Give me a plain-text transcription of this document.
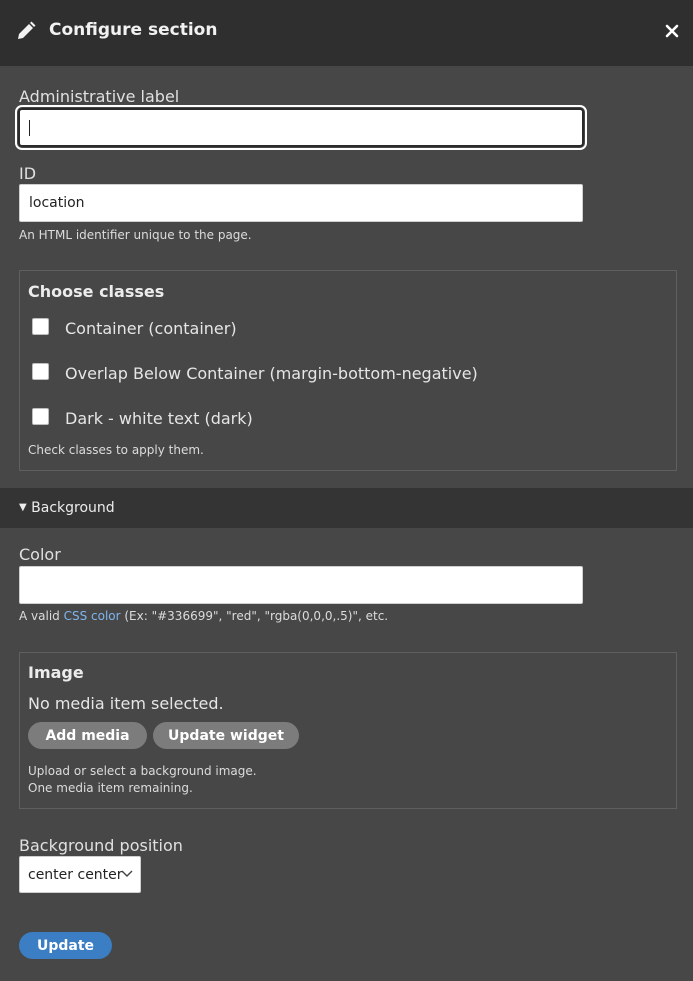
Configure section
Administrative label
ID
location
An HTML identifier unique to the page.
Choose classes
Container (container)
Overlap Below Container (margin-bottom-negative)
Dark - white text (dark)
Check classes to apply them.
▼ Background
Color
A valid CSS color (Ex: "#336699", "red", "rgba(0,0,0,.5)", etc.
Image
No media item selected.
Add media	Update widget
Upload or select a background image.
One media item remaining.
Background position
center center
Update
